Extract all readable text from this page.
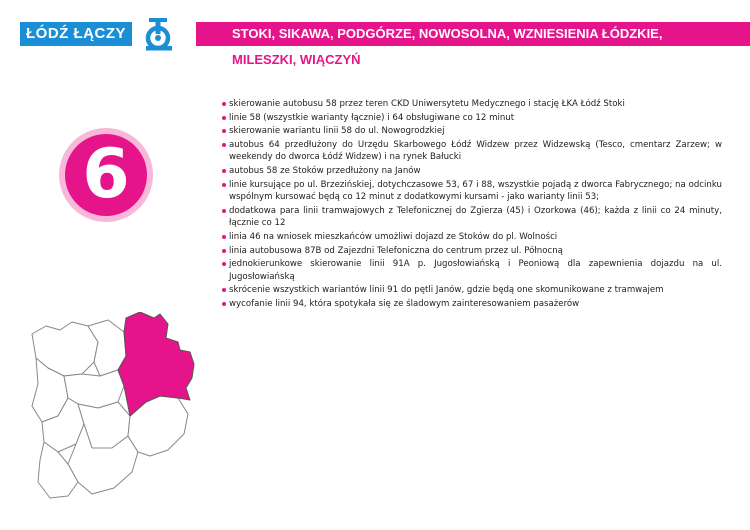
ŁÓDŹ ŁĄCZY	STOKI, SIKAWA, PODGÓRZE, NOWOSOLNA, WZNIESIENIA ŁÓDZKIE,
MILESZKI, WIĄCZYŃ
6
skierowanie autobusu 58 przez teren CKD Uniwersytetu Medycznego i stację ŁKA Łódź Stoki
linie 58 (wszystkie warianty łącznie) i 64 obsługiwane co 12 minut
skierowanie wariantu linii 58 do ul. Nowogrodzkiej
autobus 64 przedłużony do Urzędu Skarbowego Łódź Widzew przez Widzewską (Tesco, cmentarz Zarzew; w weekendy do dworca Łódź Widzew) i na rynek Bałucki
autobus 58 ze Stoków przedłużony na Janów
linie kursujące po ul. Brzezińskiej, dotychczasowe 53, 67 i 88, wszystkie pojadą z dworca Fabrycznego; na odcinku wspólnym kursować będą co 12 minut z dodatkowymi kursami - jako warianty linii 53;
dodatkowa para linii tramwajowych z Telefonicznej do Zgierza (45) i Ozorkowa (46); każda z linii co 24 minuty, łącznie co 12
linia 46 na wniosek mieszkańców umożliwi dojazd ze Stoków do pl. Wolności
linia autobusowa 87B od Zajezdni Telefoniczna do centrum przez ul. Północną
jednokierunkowe skierowanie linii 91A p. Jugosłowiańską i Peoniową dla zapewnienia dojazdu na ul. Jugosłowiańską
skrócenie wszystkich wariantów linii 91 do pętli Janów, gdzie będą one skomunikowane z tramwajem
wycofanie linii 94, która spotykała się ze śladowym zainteresowaniem pasażerów
